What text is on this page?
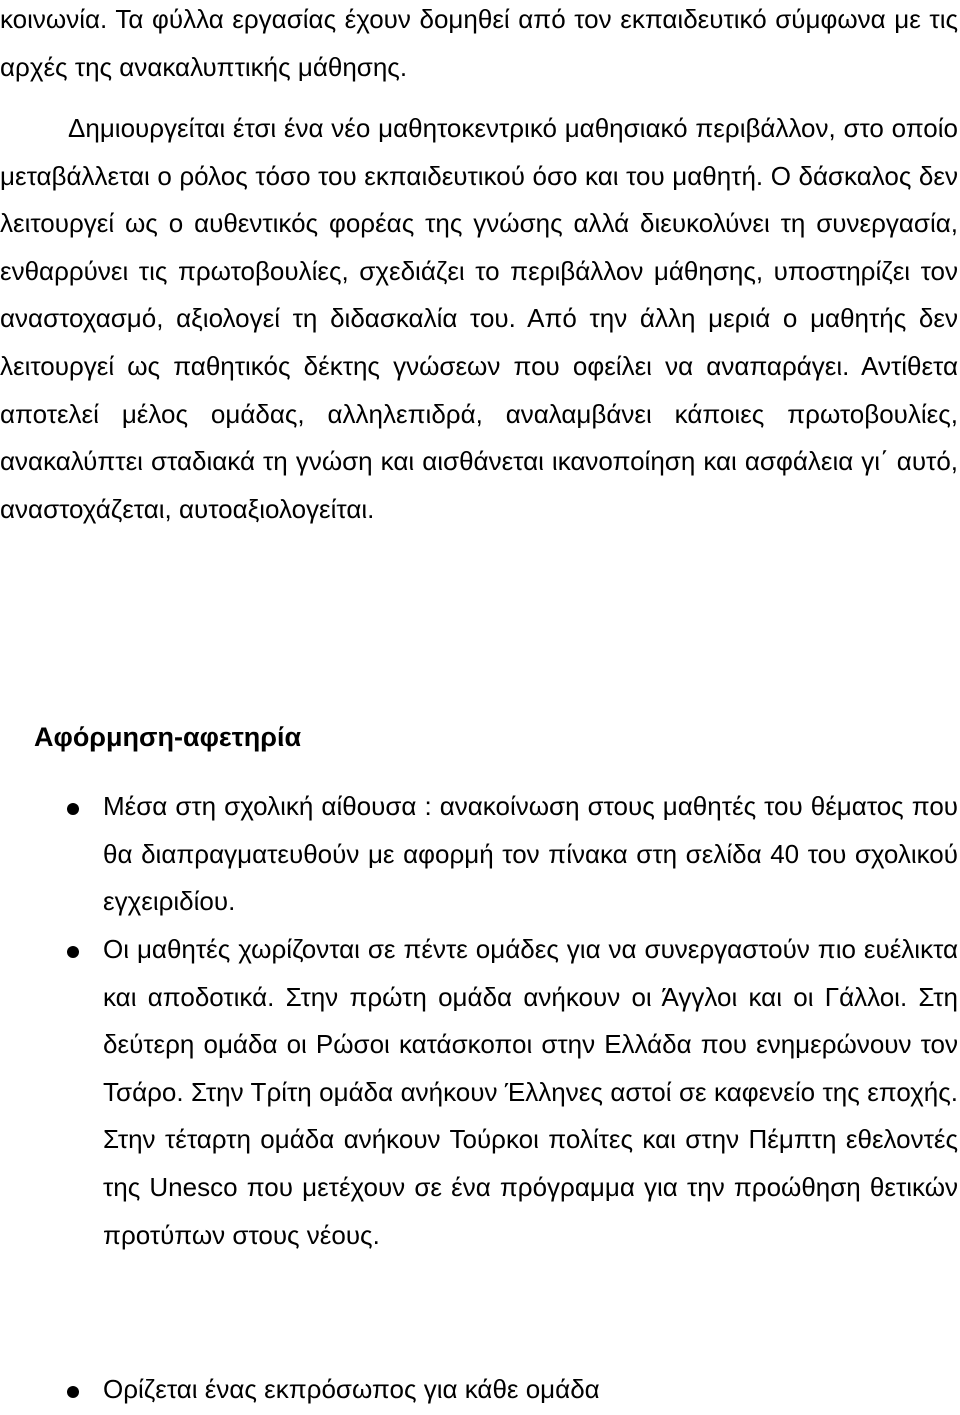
κοινωνία. Τα φύλλα εργασίας έχουν δομηθεί από τον εκπαιδευτικό σύμφωνα με τις αρχές της ανακαλυπτικής μάθησης.

Δημιουργείται έτσι ένα νέο μαθητοκεντρικό μαθησιακό περιβάλλον, στο οποίο μεταβάλλεται ο ρόλος τόσο του εκπαιδευτικού όσο και του μαθητή. Ο δάσκαλος δεν λειτουργεί ως ο αυθεντικός φορέας της γνώσης αλλά διευκολύνει τη συνεργασία, ενθαρρύνει τις πρωτοβουλίες, σχεδιάζει το περιβάλλον μάθησης, υποστηρίζει τον αναστοχασμό, αξιολογεί τη διδασκαλία του. Από την άλλη μεριά ο μαθητής δεν λειτουργεί ως παθητικός δέκτης γνώσεων που οφείλει να αναπαράγει. Αντίθετα αποτελεί μέλος ομάδας, αλληλεπιδρά, αναλαμβάνει κάποιες πρωτοβουλίες, ανακαλύπτει σταδιακά τη γνώση και αισθάνεται ικανοποίηση και ασφάλεια γι΄ αυτό, αναστοχάζεται, αυτοαξιολογείται.

Αφόρμηση-αφετηρία

Μέσα στη σχολική αίθουσα : ανακοίνωση στους μαθητές του θέματος που θα διαπραγματευθούν με αφορμή τον πίνακα στη σελίδα 40 του σχολικού εγχειριδίου.

Οι μαθητές χωρίζονται σε πέντε ομάδες για να συνεργαστούν πιο ευέλικτα και αποδοτικά. Στην πρώτη ομάδα ανήκουν οι Άγγλοι και οι Γάλλοι. Στη δεύτερη ομάδα οι Ρώσοι κατάσκοποι στην Ελλάδα που ενημερώνουν τον Τσάρο. Στην Τρίτη ομάδα ανήκουν Έλληνες αστοί σε καφενείο της εποχής. Στην τέταρτη ομάδα ανήκουν Τούρκοι πολίτες και στην Πέμπτη εθελοντές της Unesco που μετέχουν σε ένα πρόγραμμα για την προώθηση θετικών προτύπων στους νέους.

Ορίζεται ένας εκπρόσωπος για κάθε ομάδα
